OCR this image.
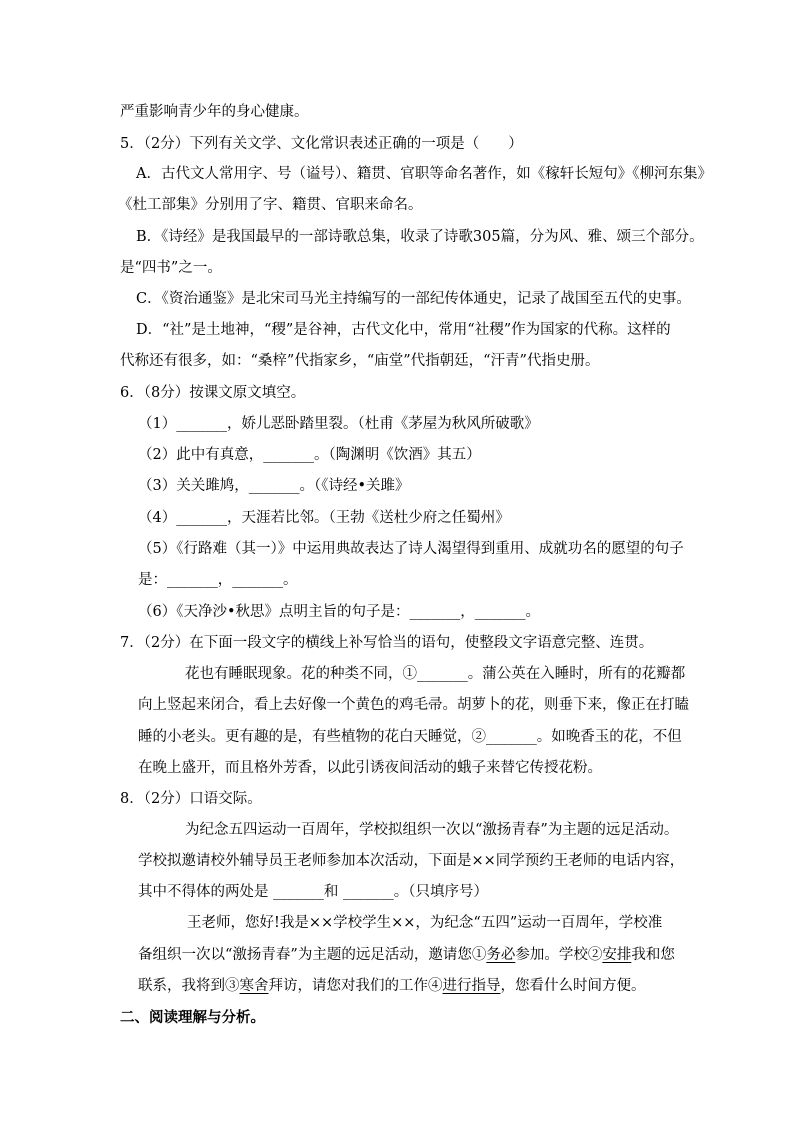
严重影响青少年的身心健康。
5．（2分）下列有关文学、文化常识表述正确的一项是（　　）
A．古代文人常用字、号（谥号）、籍贯、官职等命名著作，如《稼轩长短句》《柳河东集》
《杜工部集》分别用了字、籍贯、官职来命名。
B．《诗经》是我国最早的一部诗歌总集，收录了诗歌305篇，分为风、雅、颂三个部分。
是“四书”之一。
C．《资治通鉴》是北宋司马光主持编写的一部纪传体通史，记录了战国至五代的史事。
D．“社”是土地神，“稷”是谷神，古代文化中，常用“社稷”作为国家的代称。这样的
代称还有很多，如：“桑梓”代指家乡，“庙堂”代指朝廷，“汗青”代指史册。
6．（8分）按课文原文填空。
（1）_______，娇儿恶卧踏里裂。（杜甫《茅屋为秋风所破歌》
（2）此中有真意，_______。（陶渊明《饮酒》其五）
（3）关关雎鸠，_______。（《诗经•关雎》
（4）_______，天涯若比邻。（王勃《送杜少府之任蜀州》
（5）《行路难（其一）》中运用典故表达了诗人渴望得到重用、成就功名的愿望的句子
是：_______，_______。
（6）《天净沙•秋思》点明主旨的句子是：_______，_______。
7．（2分）在下面一段文字的横线上补写恰当的语句，使整段文字语意完整、连贯。
花也有睡眠现象。花的种类不同，①_______。蒲公英在入睡时，所有的花瓣都
向上竖起来闭合，看上去好像一个黄色的鸡毛帚。胡萝卜的花，则垂下来，像正在打瞌
睡的小老头。更有趣的是，有些植物的花白天睡觉，②_______。如晚香玉的花，不但
在晚上盛开，而且格外芳香，以此引诱夜间活动的蛾子来替它传授花粉。
8．（2分）口语交际。
为纪念五四运动一百周年，学校拟组织一次以“激扬青春”为主题的远足活动。
学校拟邀请校外辅导员王老师参加本次活动，下面是××同学预约王老师的电话内容，
其中不得体的两处是 _______和 _______。（只填序号）
王老师，您好!我是××学校学生××，为纪念“五四”运动一百周年，学校准
备组织一次以“激扬青春”为主题的远足活动，邀请您①务必参加。学校②安排我和您
联系，我将到③寒舍拜访，请您对我们的工作④进行指导，您看什么时间方便。
二、阅读理解与分析。
